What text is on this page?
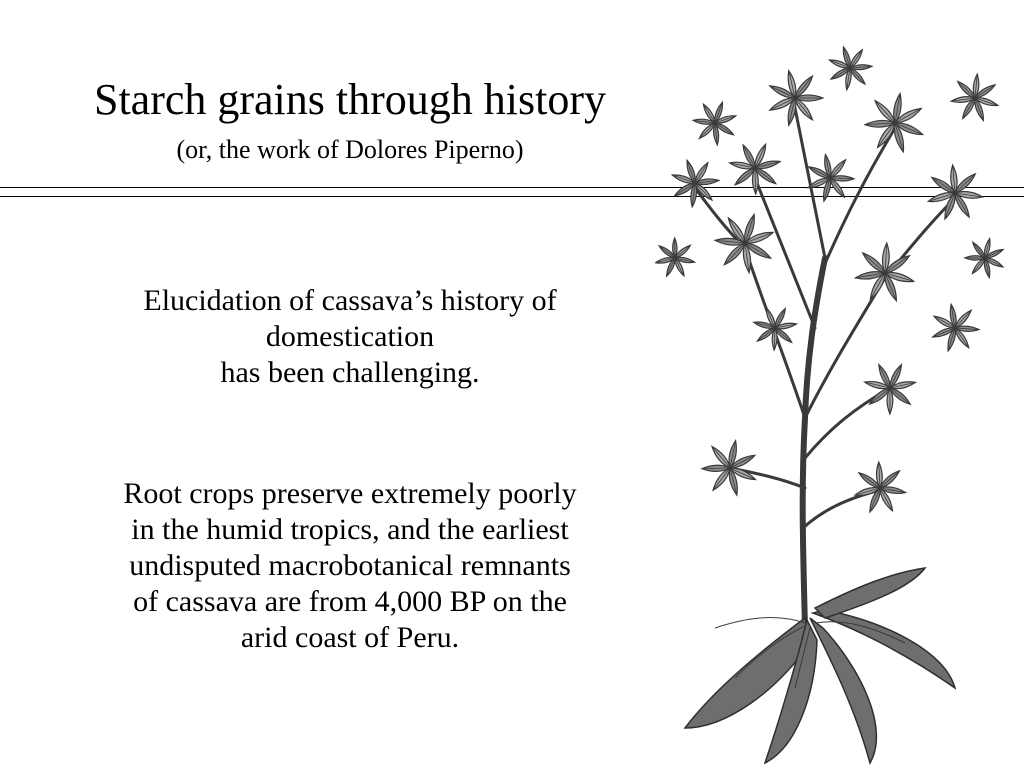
Starch grains through history
(or, the work of Dolores Piperno)
Elucidation of cassava’s history of
domestication
has been challenging.
Root crops preserve extremely poorly
in the humid tropics, and the earliest
undisputed macrobotanical remnants
of cassava are from 4,000 BP on the
arid coast of Peru.
